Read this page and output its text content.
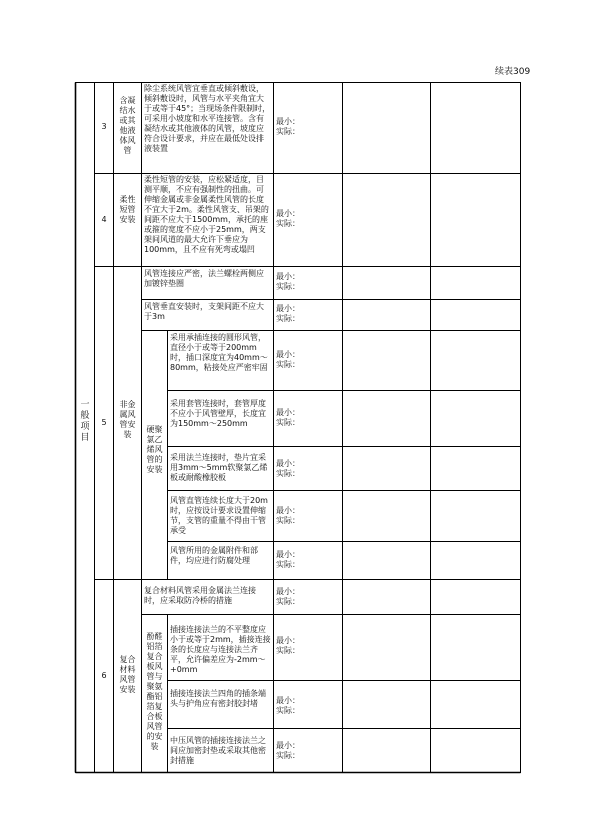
续表309
一般项目
3
含凝结水或其他液体风管
除尘系统风管宜垂直或倾斜敷设，倾斜敷设时，风管与水平夹角宜大于或等于45°；当现场条件限制时，可采用小坡度和水平连接管。含有凝结水或其他液体的风管，坡度应符合设计要求，并应在最低处设排液装置
最小：
实际：
4
柔性短管安装
柔性短管的安装，应松紧适度，目测平顺，不应有强制性的扭曲。可伸缩金属或非金属柔性风管的长度不宜大于2m。柔性风管支、吊架的间距不应大于1500mm，承托的座或箍的宽度不应小于25mm，两支架间风道的最大允许下垂应为100mm，且不应有死弯或塌凹
最小：
实际：
5
非金属风管安装
风管连接应严密，法兰螺栓两侧应加镀锌垫圈
最小：
实际：
风管垂直安装时，支架间距不应大于3m
最小：
实际：
硬聚氯乙烯风管的安装
采用承插连接的圆形风管，直径小于或等于200mm时，插口深度宜为40mm～80mm，粘接处应严密牢固
最小：
实际：
采用套管连接时，套管厚度不应小于风管壁厚，长度宜为150mm～250mm
最小：
实际：
采用法兰连接时，垫片宜采用3mm～5mm软聚氯乙烯板或耐酸橡胶板
最小：
实际：
风管直管连续长度大于20m时，应按设计要求设置伸缩节，支管的重量不得由干管承受
最小：
实际：
风管所用的金属附件和部件，均应进行防腐处理
最小：
实际：
6
复合材料风管安装
复合材料风管采用金属法兰连接时，应采取防冷桥的措施
最小：
实际：
酚醛铝箔复合板风管与聚氨酯铝箔复合板风管的安装
插接连接法兰的不平整度应小于或等于2mm，插接连接条的长度应与连接法兰齐平，允许偏差应为-2mm～+0mm
最小：
实际：
插接连接法兰四角的插条端头与护角应有密封胶封堵	最小：
实际：
中压风管的插接连接法兰之间应加密封垫或采取其他密封措施
最小：
实际：
